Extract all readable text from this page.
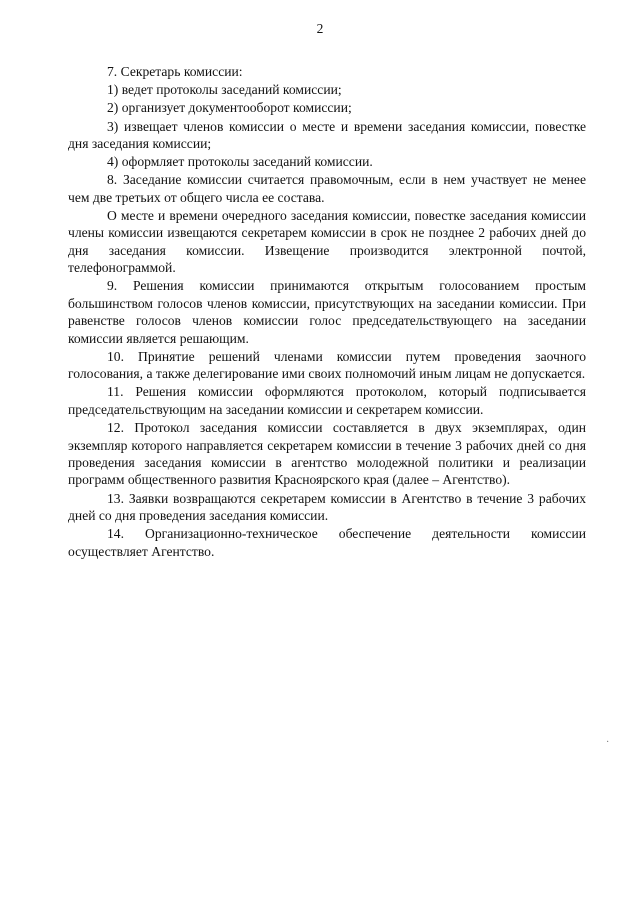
2

7. Секретарь комиссии:

1) ведет протоколы заседаний комиссии;

2) организует документооборот комиссии;

3) извещает членов комиссии о месте и времени заседания комиссии, повестке дня заседания комиссии;

4) оформляет протоколы заседаний комиссии.

8. Заседание комиссии считается правомочным, если в нем участвует не менее чем две третьих от общего числа ее состава.

О месте и времени очередного заседания комиссии, повестке заседания комиссии члены комиссии извещаются секретарем комиссии в срок не позднее 2 рабочих дней до дня заседания комиссии. Извещение производится электронной почтой, телефонограммой.

9. Решения комиссии принимаются открытым голосованием простым большинством голосов членов комиссии, присутствующих на заседании комиссии. При равенстве голосов членов комиссии голос председательствующего на заседании комиссии является решающим.

10. Принятие решений членами комиссии путем проведения заочного голосования, а также делегирование ими своих полномочий иным лицам не допускается.

11. Решения комиссии оформляются протоколом, который подписывается председательствующим на заседании комиссии и секретарем комиссии.

12. Протокол заседания комиссии составляется в двух экземплярах, один экземпляр которого направляется секретарем комиссии в течение 3 рабочих дней со дня проведения заседания комиссии в агентство молодежной политики и реализации программ общественного развития Красноярского края (далее – Агентство).

13. Заявки возвращаются секретарем комиссии в Агентство в течение 3 рабочих дней со дня проведения заседания комиссии.

14. Организационно-техническое обеспечение деятельности комиссии осуществляет Агентство.

·
